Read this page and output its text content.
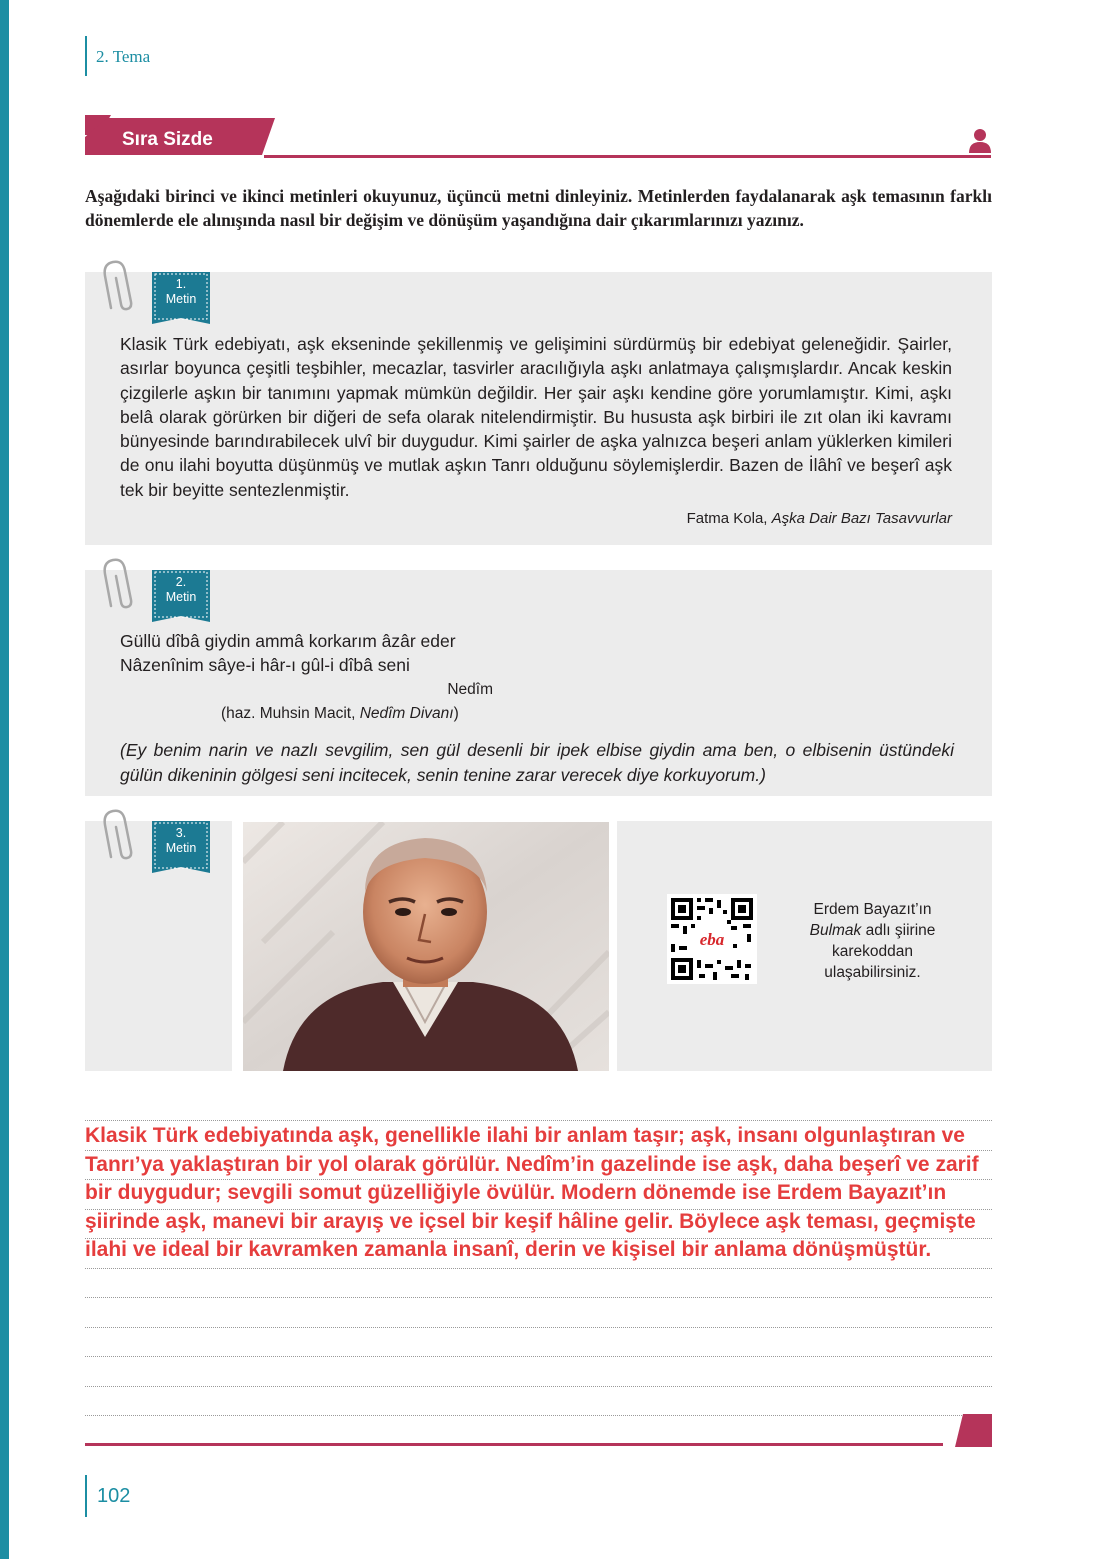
2. Tema
Sıra Sizde
Aşağıdaki birinci ve ikinci metinleri okuyunuz, üçüncü metni dinleyiniz. Metinlerden faydalanarak aşk temasının farklı dönemlerde ele alınışında nasıl bir değişim ve dönüşüm yaşandığına dair çıkarımlarınızı yazınız.
1.
Metin
Klasik Türk edebiyatı, aşk ekseninde şekillenmiş ve gelişimini sürdürmüş bir edebiyat geleneğidir. Şairler, asırlar boyunca çeşitli teşbihler, mecazlar, tasvirler aracılığıyla aşkı anlatmaya çalışmışlardır. Ancak keskin çizgilerle aşkın bir tanımını yapmak mümkün değildir. Her şair aşkı kendine göre yorumlamıştır. Kimi, aşkı belâ olarak görürken bir diğeri de sefa olarak nitelendirmiştir. Bu hususta aşk birbiri ile zıt olan iki kavramı bünyesinde barındırabilecek ulvî bir duygudur. Kimi şairler de aşka yalnızca beşeri anlam yüklerken kimileri de onu ilahi boyutta düşünmüş ve mutlak aşkın Tanrı olduğunu söylemişlerdir. Bazen de İlâhî ve beşerî aşk tek bir beyitte sentezlenmiştir.
Fatma Kola, Aşka Dair Bazı Tasavvurlar
2.
Metin
Güllü dîbâ giydin ammâ korkarım âzâr eder
Nâzenînim sâye-i hâr-ı gûl-i dîbâ seni
Nedîm
(haz. Muhsin Macit, Nedîm Divanı)
(Ey benim narin ve nazlı sevgilim, sen gül desenli bir ipek elbise giydin ama ben, o elbisenin üstündeki gülün dikeninin gölgesi seni incitecek, senin tenine zarar verecek diye korkuyorum.)
3.
Metin
eba
Erdem Bayazıt’ın
Bulmak adlı şiirine
karekoddan
ulaşabilirsiniz.
Klasik Türk edebiyatında aşk, genellikle ilahi bir anlam taşır; aşk, insanı olgunlaştıran ve Tanrı’ya yaklaştıran bir yol olarak görülür. Nedîm’in gazelinde ise aşk, daha beşerî ve zarif bir duygudur; sevgili somut güzelliğiyle övülür. Modern dönemde ise Erdem Bayazıt’ın şiirinde aşk, manevi bir arayış ve içsel bir keşif hâline gelir. Böylece aşk teması, geçmişte ilahi ve ideal bir kavramken zamanla insanî, derin ve kişisel bir anlama dönüşmüştür.
102
